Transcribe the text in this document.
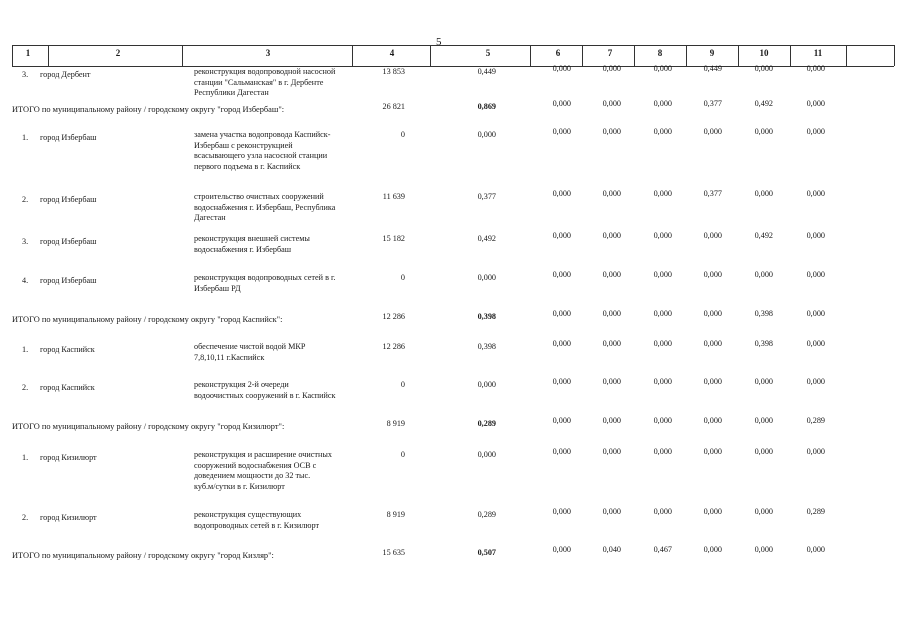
5
1	2	3	4	5	6	7	8	9	10	11
3. город Дербент	реконструкция водопроводной насосной
станции "Сальманская" в г. Дербенте
Республики Дагестан
13 853	0,449	0,000	0,000	0,000	0,449	0,000	0,000
ИТОГО по муниципальному району / городскому округу "город Избербаш":	26 821	0,869	0,000	0,000	0,000	0,377	0,492	0,000
1. город Избербаш	замена участка водопровода Каспийск-
Избербаш с реконструкцией
всасывающего узла насосной станции
первого подъема в г. Каспийск
0	0,000	0,000	0,000	0,000	0,000	0,000	0,000
2. город Избербаш	строительство очистных сооружений
водоснабжения г. Избербаш, Республика
Дагестан
11 639	0,377	0,000	0,000	0,000	0,377	0,000	0,000
3. город Избербаш	реконструкция внешней системы
водоснабжения г. Избербаш
15 182	0,492	0,000	0,000	0,000	0,000	0,492	0,000
4. город Избербаш	реконструкция водопроводных сетей в г.
Избербаш РД
0	0,000	0,000	0,000	0,000	0,000	0,000	0,000
ИТОГО по муниципальному району / городскому округу "город Каспийск":	12 286	0,398	0,000	0,000	0,000	0,000	0,398	0,000
1. город Каспийск	обеспечение чистой водой МКР
7,8,10,11 г.Каспийск
12 286	0,398	0,000	0,000	0,000	0,000	0,398	0,000
2. город Каспийск	реконструкция 2-й очереди
водоочистных сооружений в г. Каспийск
0	0,000	0,000	0,000	0,000	0,000	0,000	0,000
ИТОГО по муниципальному району / городскому округу "город Кизилюрт":	8 919	0,289	0,000	0,000	0,000	0,000	0,000	0,289
1. город Кизилюрт	реконструкция и расширение очистных
сооружений водоснабжения ОСВ с
доведением мощности до 32 тыс.
куб.м/сутки в г. Кизилюрт
0	0,000	0,000	0,000	0,000	0,000	0,000	0,000
2. город Кизилюрт	реконструкция существующих
водопроводных сетей в г. Кизилюрт
8 919	0,289	0,000	0,000	0,000	0,000	0,000	0,289
ИТОГО по муниципальному району / городскому округу "город Кизляр":	15 635	0,507	0,000	0,040	0,467	0,000	0,000	0,000
